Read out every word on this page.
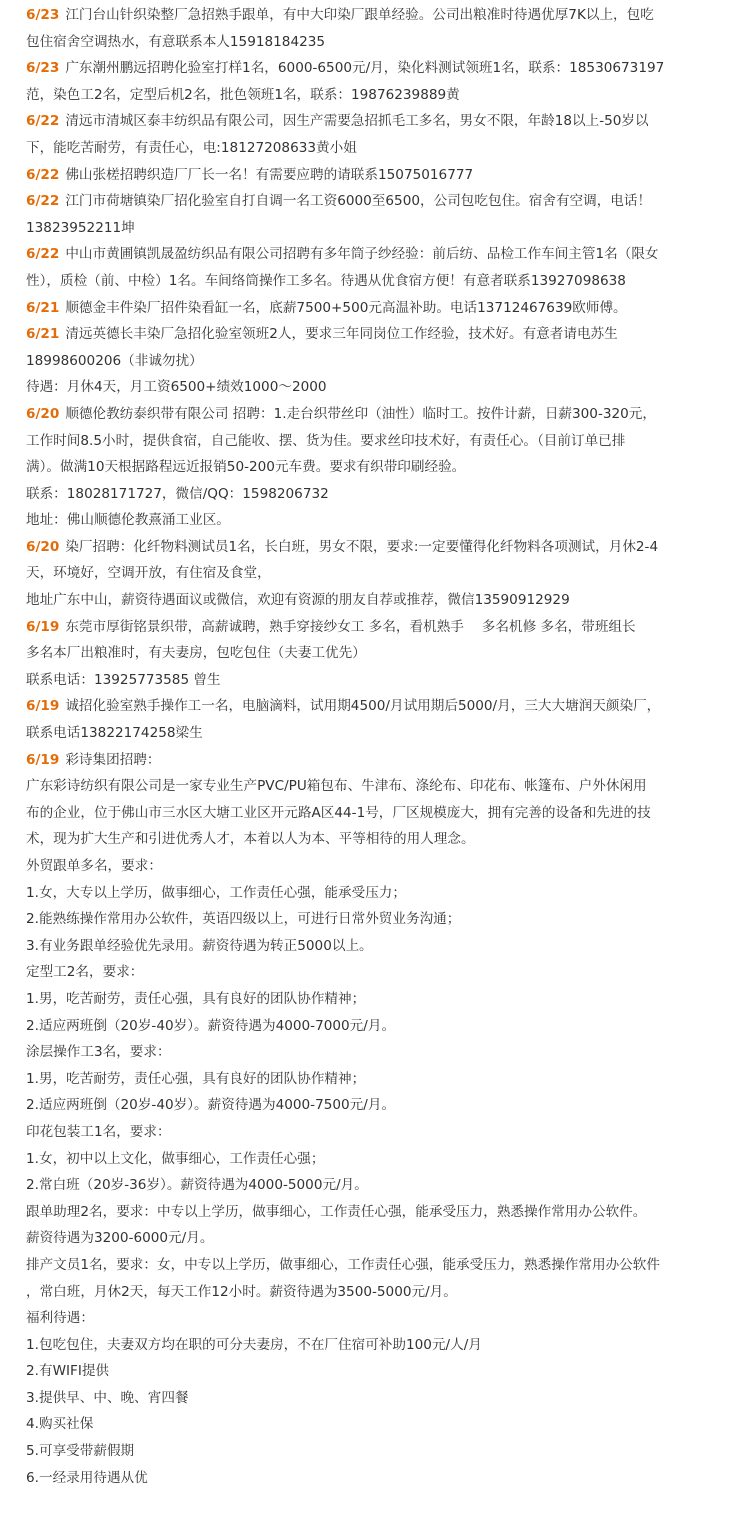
6/23 江门台山针织染整厂急招熟手跟单，有中大印染厂跟单经验。公司出粮准时待遇优厚7K以上，包吃
包住宿舍空调热水，有意联系本人15918184235
6/23 广东潮州鹏远招聘化验室打样1名，6000-6500元/月，染化料测试领班1名，联系：18530673197
范，染色工2名，定型后机2名，批色领班1名，联系：19876239889黄
6/22 清远市清城区泰丰纺织品有限公司，因生产需要急招抓毛工多名，男女不限，年龄18以上-50岁以
下，能吃苦耐劳，有责任心，电:18127208633黄小姐
6/22 佛山张槎招聘织造厂厂长一名！有需要应聘的请联系15075016777
6/22 江门市荷塘镇染厂招化验室自打自调一名工资6000至6500，公司包吃包住。宿舍有空调，电话！
13823952211坤
6/22 中山市黄圃镇凯晟盈纺织品有限公司招聘有多年筒子纱经验：前后纺、品检工作车间主管1名（限女
性），质检（前、中检）1名。车间络筒操作工多名。待遇从优食宿方便！有意者联系13927098638
6/21 顺德金丰件染厂招件染看缸一名，底薪7500+500元高温补助。电话13712467639欧师傅。
6/21 清远英德长丰染厂急招化验室领班2人，要求三年同岗位工作经验，技术好。有意者请电苏生
18998600206（非诚勿扰）
待遇：月休4天，月工资6500+绩效1000～2000
6/20 顺德伦教纺泰织带有限公司 招聘：1.走台织带丝印（油性）临时工。按件计薪，日薪300-320元，
工作时间8.5小时，提供食宿，自己能收、摆、货为佳。要求丝印技术好，有责任心。（目前订单已排
满）。做满10天根据路程远近报销50-200元车费。要求有织带印刷经验。
联系：18028171727，微信/QQ：1598206732
地址：佛山顺德伦教熹涌工业区。
6/20 染厂招聘：化纤物料测试员1名，长白班，男女不限，要求:一定要懂得化纤物料各项测试，月休2-4
天，环境好，空调开放，有住宿及食堂，
地址广东中山，薪资待遇面议或微信，欢迎有资源的朋友自荐或推荐，微信13590912929
6/19 东莞市厚街铭景织带，高薪诚聘，熟手穿接纱女工 多名，看机熟手　 多名机修 多名，带班组长
多名本厂出粮准时，有夫妻房，包吃包住（夫妻工优先）
联系电话：13925773585 曾生
6/19 诚招化验室熟手操作工一名，电脑滴料，试用期4500/月试用期后5000/月，三大大塘润天颜染厂，
联系电话13822174258梁生
6/19 彩诗集团招聘：
广东彩诗纺织有限公司是一家专业生产PVC/PU箱包布、牛津布、涤纶布、印花布、帐篷布、户外休闲用
布的企业，位于佛山市三水区大塘工业区开元路A区44-1号，厂区规模庞大，拥有完善的设备和先进的技
术，现为扩大生产和引进优秀人才，本着以人为本、平等相待的用人理念。
外贸跟单多名，要求：
1.女，大专以上学历，做事细心，工作责任心强，能承受压力；
2.能熟练操作常用办公软件，英语四级以上，可进行日常外贸业务沟通；
3.有业务跟单经验优先录用。薪资待遇为转正5000以上。
定型工2名，要求：
1.男，吃苦耐劳，责任心强，具有良好的团队协作精神；
2.适应两班倒（20岁-40岁）。薪资待遇为4000-7000元/月。
涂层操作工3名，要求：
1.男，吃苦耐劳，责任心强，具有良好的团队协作精神；
2.适应两班倒（20岁-40岁）。薪资待遇为4000-7500元/月。
印花包装工1名，要求：
1.女，初中以上文化，做事细心，工作责任心强；
2.常白班（20岁-36岁）。薪资待遇为4000-5000元/月。
跟单助理2名，要求：中专以上学历，做事细心，工作责任心强，能承受压力，熟悉操作常用办公软件。
薪资待遇为3200-6000元/月。
排产文员1名，要求：女，中专以上学历，做事细心，工作责任心强，能承受压力，熟悉操作常用办公软件
，常白班，月休2天，每天工作12小时。薪资待遇为3500-5000元/月。
福利待遇：
1.包吃包住，夫妻双方均在职的可分夫妻房，不在厂住宿可补助100元/人/月
2.有WIFI提供
3.提供早、中、晚、宵四餐
4.购买社保
5.可享受带薪假期
6.一经录用待遇从优
